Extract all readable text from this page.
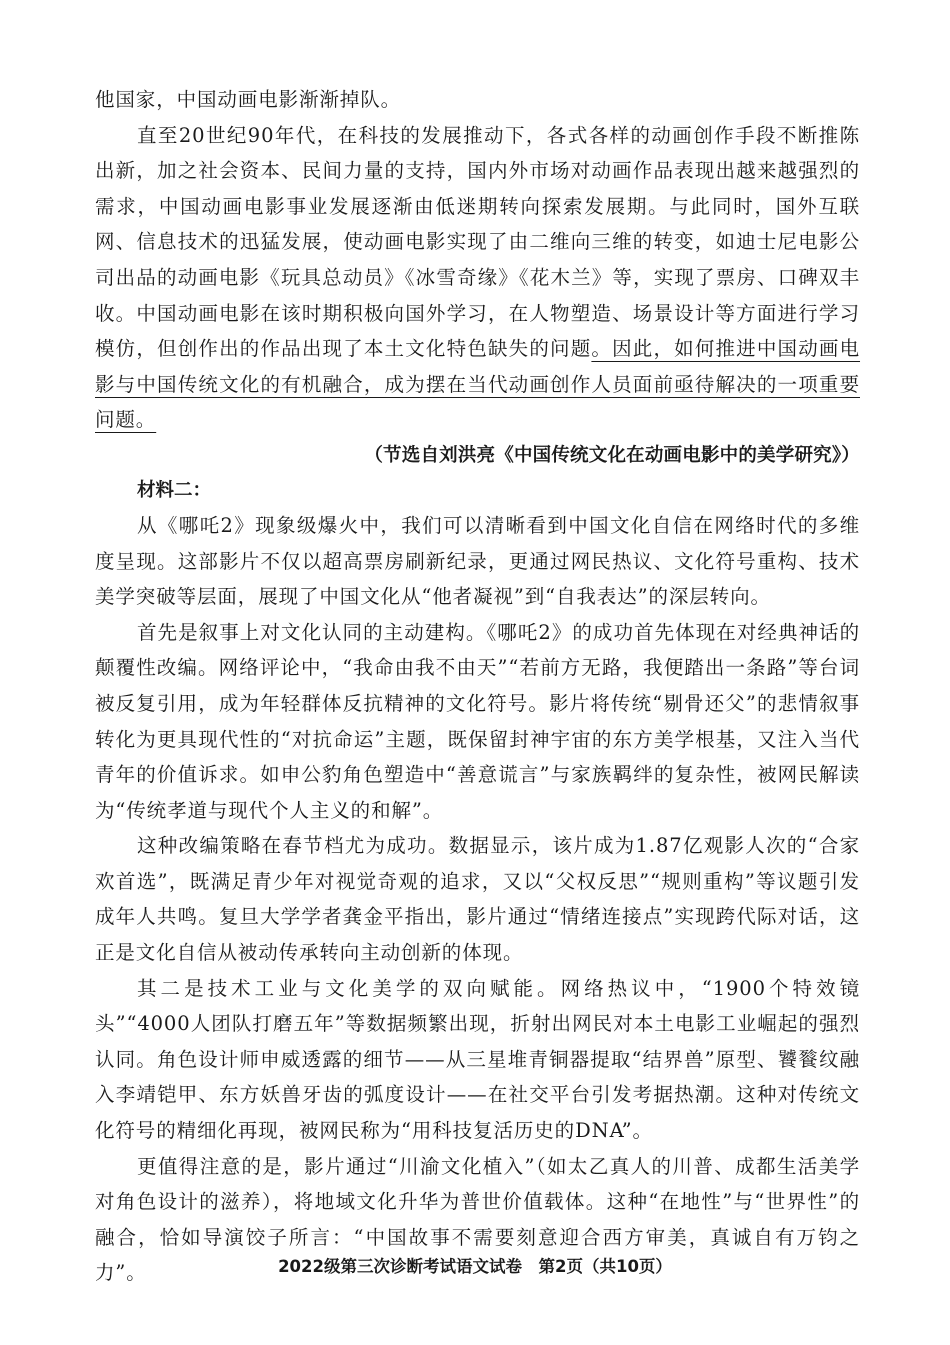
他国家，中国动画电影渐渐掉队。

直至20世纪90年代，在科技的发展推动下，各式各样的动画创作手段不断推陈出新，加之社会资本、民间力量的支持，国内外市场对动画作品表现出越来越强烈的需求，中国动画电影事业发展逐渐由低迷期转向探索发展期。与此同时，国外互联网、信息技术的迅猛发展，使动画电影实现了由二维向三维的转变，如迪士尼电影公司出品的动画电影《玩具总动员》《冰雪奇缘》《花木兰》等，实现了票房、口碑双丰收。中国动画电影在该时期积极向国外学习，在人物塑造、场景设计等方面进行学习模仿，但创作出的作品出现了本土文化特色缺失的问题。因此，如何推进中国动画电影与中国传统文化的有机融合，成为摆在当代动画创作人员面前亟待解决的一项重要问题。

（节选自刘洪亮《中国传统文化在动画电影中的美学研究》）

材料二：

从《哪吒2》现象级爆火中，我们可以清晰看到中国文化自信在网络时代的多维度呈现。这部影片不仅以超高票房刷新纪录，更通过网民热议、文化符号重构、技术美学突破等层面，展现了中国文化从“他者凝视”到“自我表达”的深层转向。

首先是叙事上对文化认同的主动建构。《哪吒2》的成功首先体现在对经典神话的颠覆性改编。网络评论中，“我命由我不由天”“若前方无路，我便踏出一条路”等台词被反复引用，成为年轻群体反抗精神的文化符号。影片将传统“剔骨还父”的悲情叙事转化为更具现代性的“对抗命运”主题，既保留封神宇宙的东方美学根基，又注入当代青年的价值诉求。如申公豹角色塑造中“善意谎言”与家族羁绊的复杂性，被网民解读为“传统孝道与现代个人主义的和解”。

这种改编策略在春节档尤为成功。数据显示，该片成为1.87亿观影人次的“合家欢首选”，既满足青少年对视觉奇观的追求，又以“父权反思”“规则重构”等议题引发成年人共鸣。复旦大学学者龚金平指出，影片通过“情绪连接点”实现跨代际对话，这正是文化自信从被动传承转向主动创新的体现。

其二是技术工业与文化美学的双向赋能。网络热议中，“1900个特效镜头”“4000人团队打磨五年”等数据频繁出现，折射出网民对本土电影工业崛起的强烈认同。角色设计师申威透露的细节——从三星堆青铜器提取“结界兽”原型、饕餮纹融入李靖铠甲、东方妖兽牙齿的弧度设计——在社交平台引发考据热潮。这种对传统文化符号的精细化再现，被网民称为“用科技复活历史的DNA”。

更值得注意的是，影片通过“川渝文化植入”（如太乙真人的川普、成都生活美学对角色设计的滋养），将地域文化升华为普世价值载体。这种“在地性”与“世界性”的融合，恰如导演饺子所言：“中国故事不需要刻意迎合西方审美，真诚自有万钧之力”。	2022级第三次诊断考试语文试卷　第2页（共10页）
